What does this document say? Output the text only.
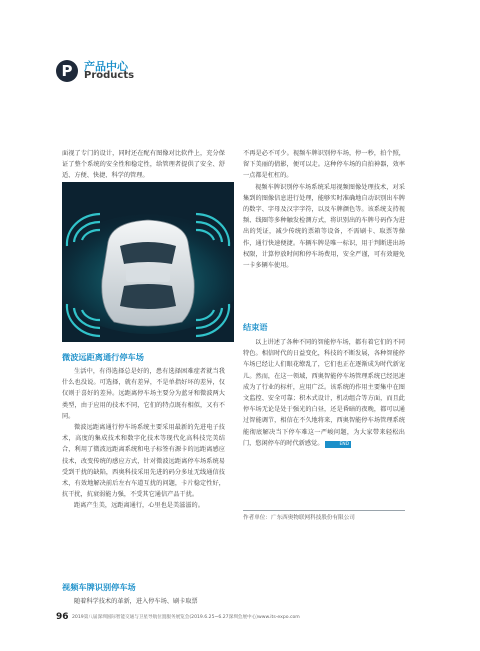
P	产品中心
Products

面视了专门的设计，同时还在配有图像对比软件上，充分保证了整个系统的安全性和稳定性，给管理者提供了安全、舒适、方便、快捷、科学的管理。

微波远距离通行停车场

生活中，有得选择总是好的，患有选择困难症者就当我什么也没说。可选择，就有差异，不是单指好坏的差异，仅仅则于喜好的差异。远距离停车场主要分为蓝牙和微波两大类型，由于应用的技术不同，它们的特点既有相似，又有不同。

微波远距离通行停车场系统主要采用最新的先进电子技术，高度的集成技术和数字化技术等现代化高科技完美结合，利用了微波远距离系统和电子标签有源卡的远距离感应技术，改变传统的感应方式，针对微波远距离停车场系统易受到干扰的缺陷，西奥科技采用先进的码分多址无线通信技术，有效地解决前后左右车道互扰的问题，卡片稳定性好，抗干扰，抗衰弱能力强，不受其它通信产品干扰。

距离产生美，远距离通行，心里也是美滋滋的。

视频车牌识别停车场

随着科学技术的革新，进入停车场、刷卡取票

不再是必不可少。视频车牌识别停车场，停一秒，拍个照，留下美丽的倩影，便可以走。这种停车场的自拍神器，效率一点都是杠杠的。

视频车牌识别停车场系统采用视频图像处理技术，对采集到的图像信息进行处理，能够实时准确地自动识别出车牌的数字、字母及汉字字符，以及车牌颜色等。该系统支持视频、线圈等多种触发检测方式，将识别出的车牌号码作为进出的凭证，减少传统的票箱等设备，不需刷卡、取票等操作，通行快速便捷。车辆车牌是唯一标识，用于判断进出场权限，计算停放时间和停车场费用，安全严谨，可有效避免一卡多辆车使用。

结束语

以上讲述了各种不同的智能停车场，都有着它们的不同特色。相信时代的日益变化，科技的不断发展，各种智能停车场已经让人们眼花缭乱了，它们也正在逐渐成为时代新宠儿。然而，在这一领域，西奥智能停车场管理系统已经迅速成为了行业的标杆，应用广泛。该系统的作用主要集中在图文监控、安全可靠；积木式设计，机动组合等方面，而且此停车场无论是处于强光的白昼，还是昏暗的夜晚，都可以通过智能调节，相信在不久地将来，西奥智能停车场管理系统能彻底解决当下停车难这一严峻问题，为大家带来轻松出门，悠闲停车的时代新感觉。	END

作者单位：广东西奥物联网科技股份有限公司
96 2019第八届深圳国际智能交通与卫星导航位置服务展览会(2019.6.25~6.27深圳会展中心)www.its-expo.com
